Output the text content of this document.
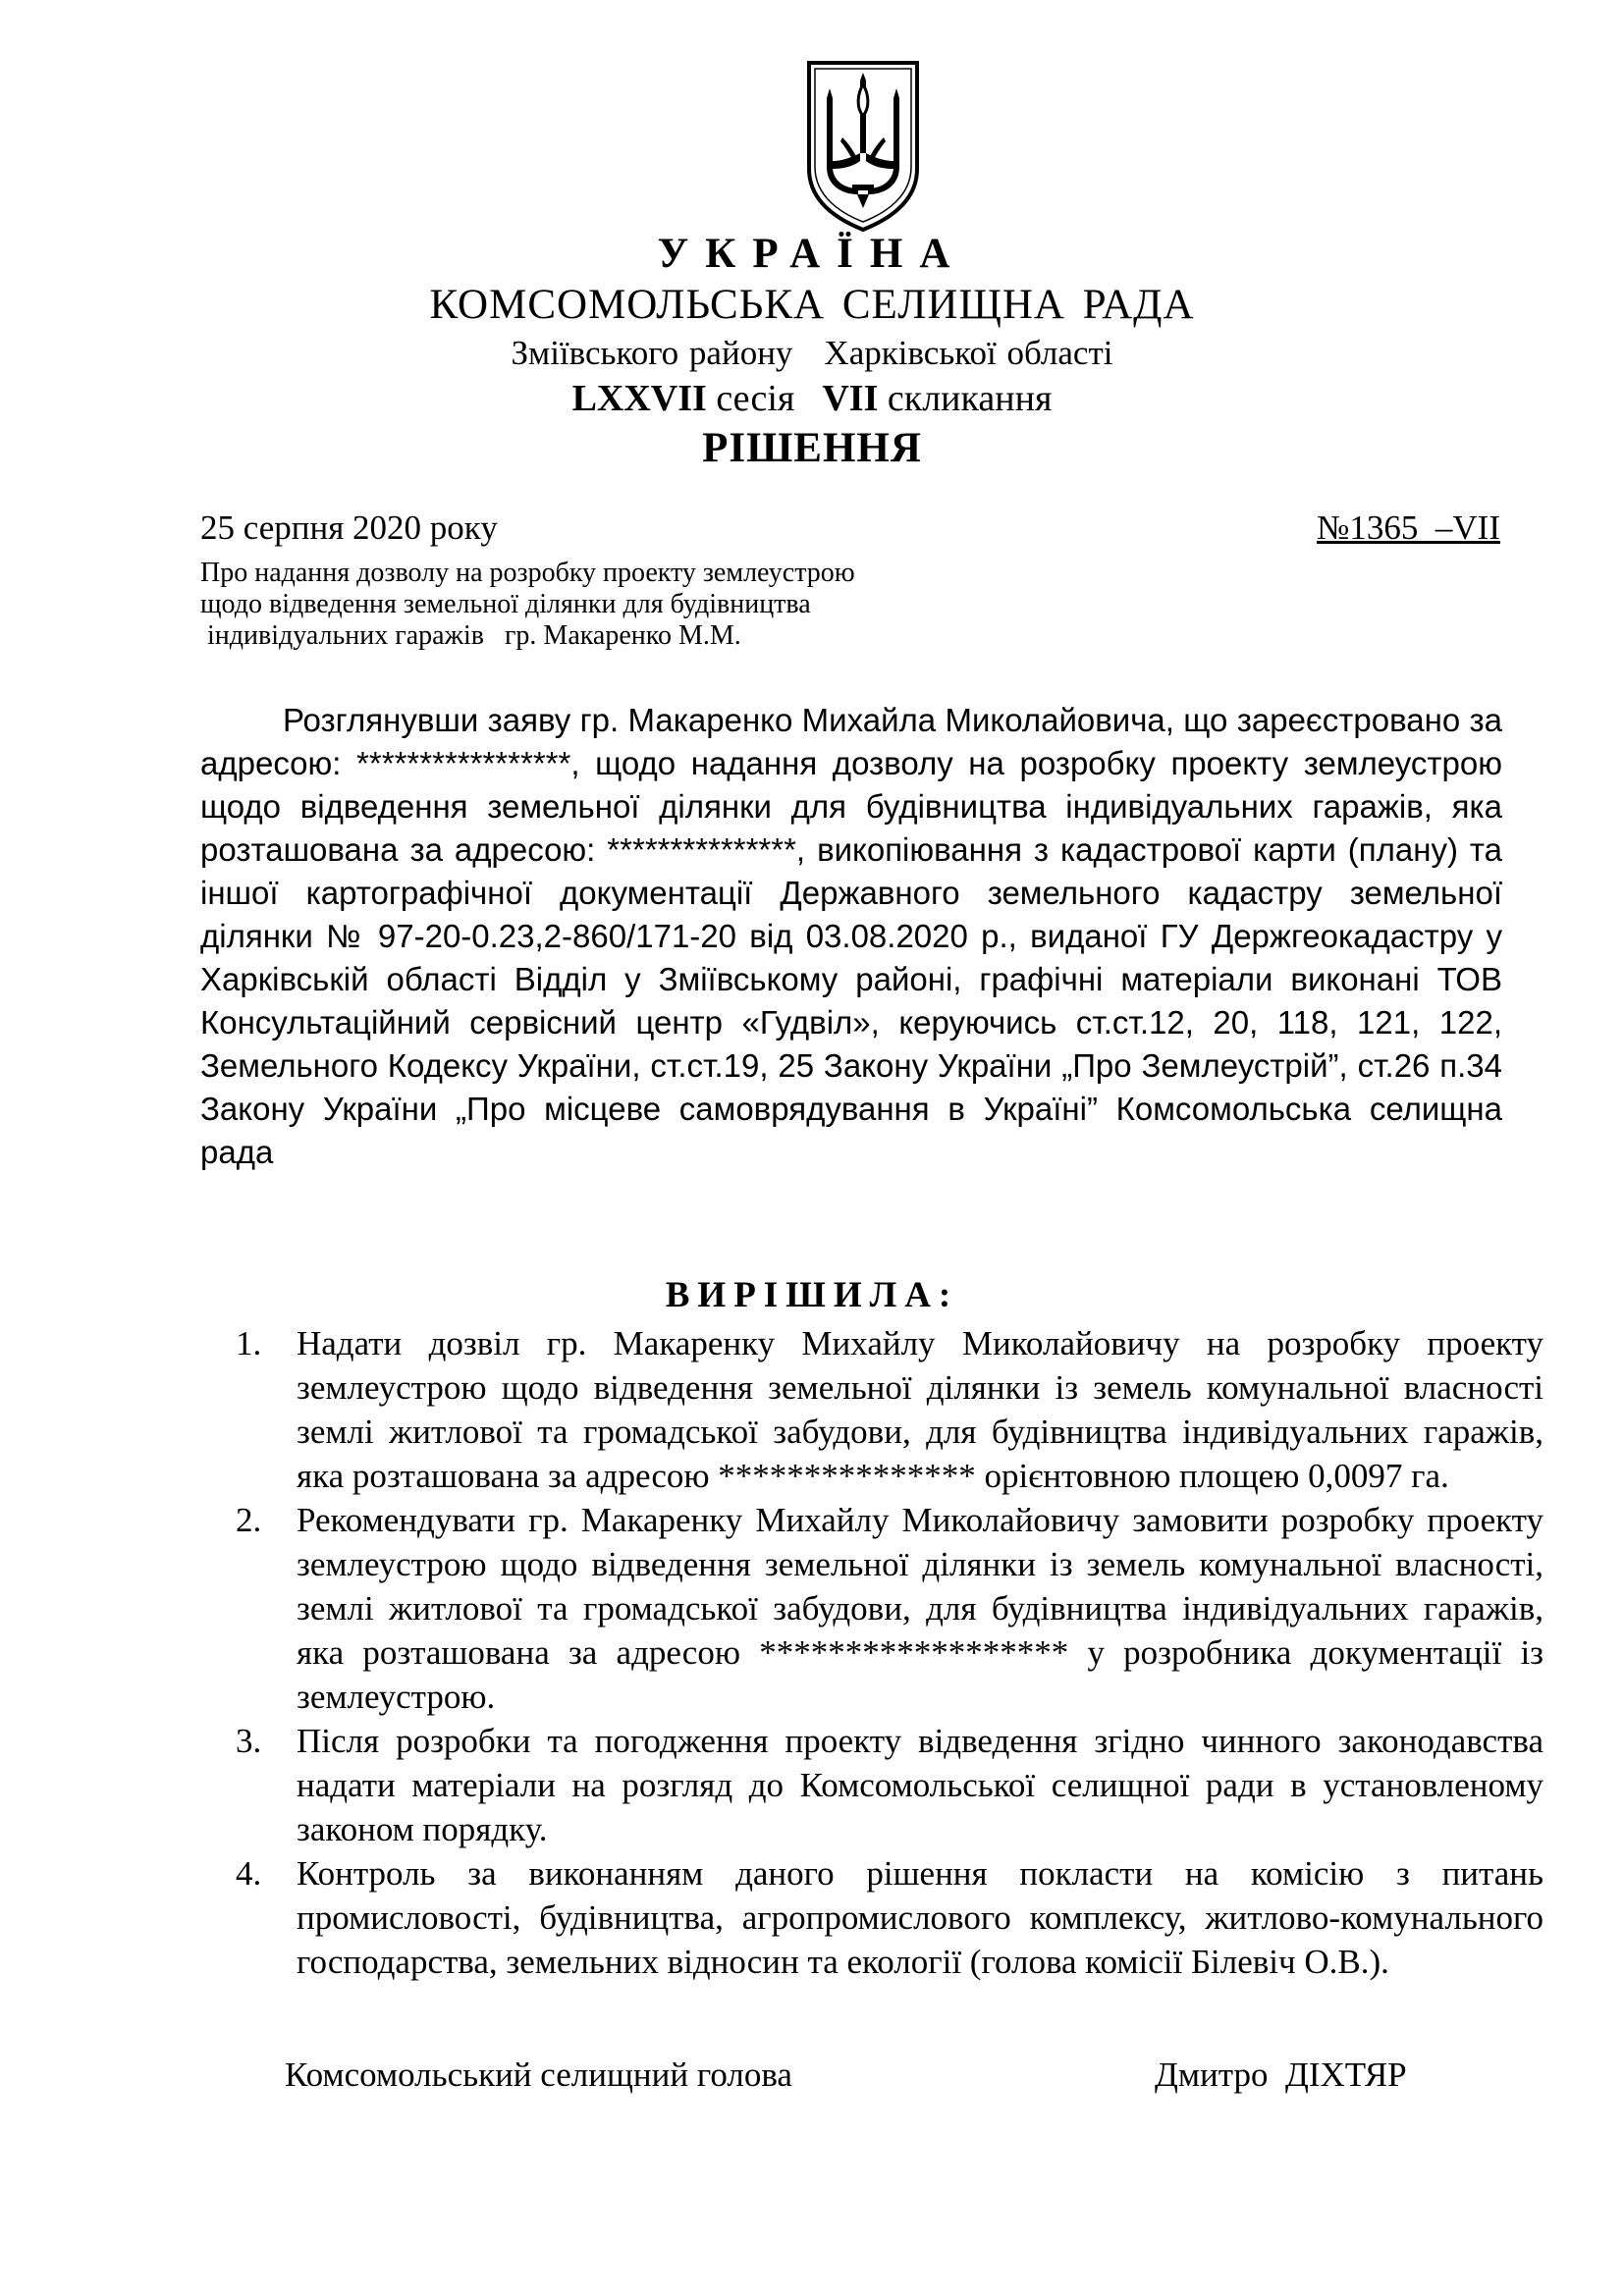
УКРАЇНА
КОМСОМОЛЬСЬКА СЕЛИЩНА РАДА
Зміївського району Харківської області
LXXVII сесія VII скликання
РІШЕННЯ
25 серпня 2020 року	№1365  –VII
Про надання дозволу на розробку проекту землеустрою
щодо відведення земельної ділянки для будівництва
індивідуальних гаражів   гр. Макаренко М.М.

Розглянувши заяву гр. Макаренко Михайла Миколайовича, що зареєстровано за адресою: *****************, щодо надання дозволу на розробку проекту землеустрою щодо відведення земельної ділянки для будівництва індивідуальних гаражів, яка розташована за адресою: ***************, викопіювання з кадастрової карти (плану) та іншої картографічної документації Державного земельного кадастру земельної ділянки № 97-20-0.23,2-860/171-20 від 03.08.2020 р., виданої ГУ Держгеокадастру у Харківській області Відділ у Зміївському районі, графічні матеріали виконані ТОВ Консультаційний сервісний центр «Гудвіл», керуючись ст.ст.12, 20, 118, 121, 122, Земельного Кодексу України, ст.ст.19, 25 Закону України „Про Землеустрій”, ст.26 п.34 Закону України „Про місцеве самоврядування в Україні” Комсомольська селищна рада

ВИРІШИЛА:
1. Надати дозвіл гр. Макаренку Михайлу Миколайовичу на розробку проекту землеустрою щодо відведення земельної ділянки із земель комунальної власності землі житлової та громадської забудови, для будівництва індивідуальних гаражів, яка розташована за адресою *************** орієнтовною площею 0,0097 га.
2. Рекомендувати гр. Макаренку Михайлу Миколайовичу замовити розробку проекту землеустрою щодо відведення земельної ділянки із земель комунальної власності, землі житлової та громадської забудови, для будівництва індивідуальних гаражів, яка розташована за адресою ****************** у розробника документації із землеустрою.
3. Після розробки та погодження проекту відведення згідно чинного законодавства надати матеріали на розгляд до Комсомольської селищної ради в установленому законом порядку.
4. Контроль за виконанням даного рішення покласти на комісію з питань промисловості, будівництва, агропромислового комплексу, житлово-комунального господарства, земельних відносин та екології (голова комісії Білевіч О.В.).
Комсомольський селищний голова	Дмитро  ДІХТЯР
